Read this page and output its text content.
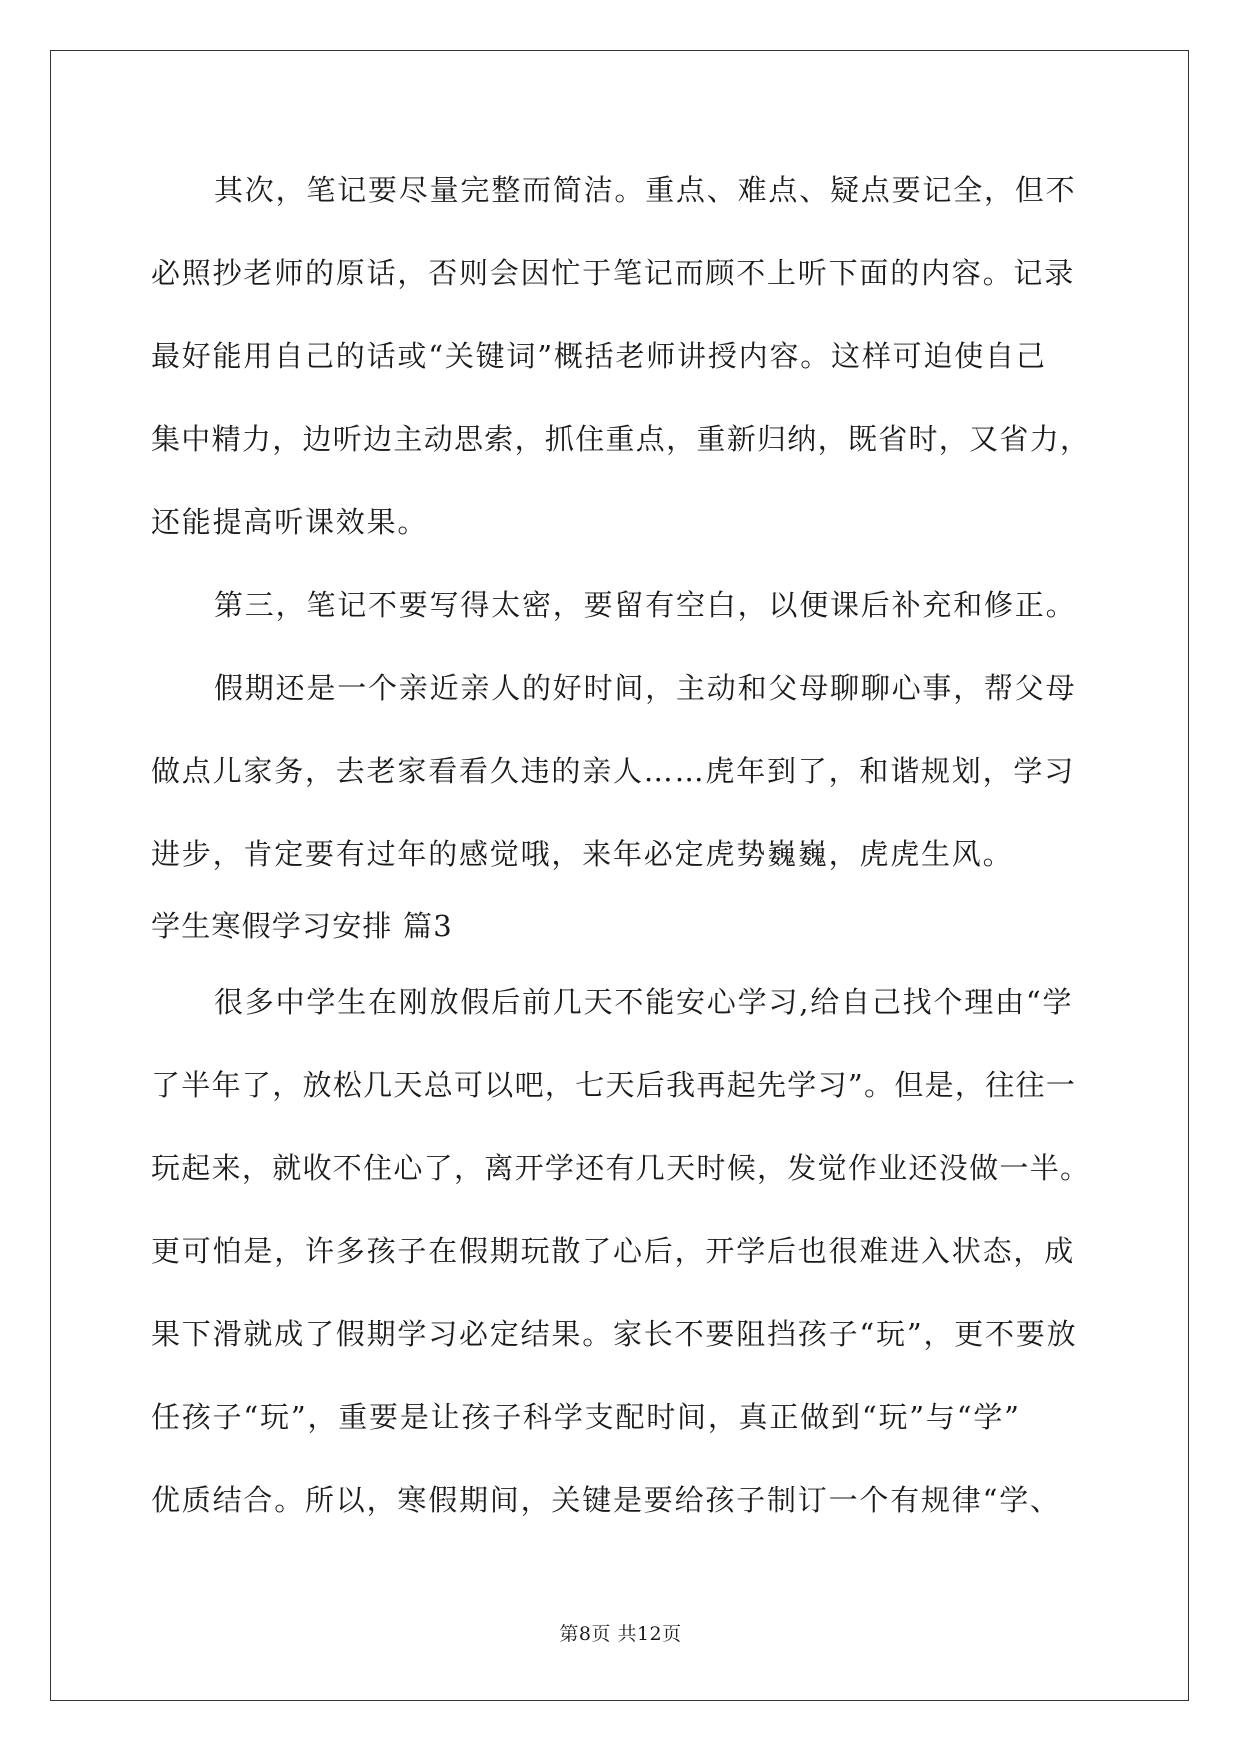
其次，笔记要尽量完整而简洁。重点、难点、疑点要记全，但不
必照抄老师的原话，否则会因忙于笔记而顾不上听下面的内容。记录
最好能用自己的话或“关键词”概括老师讲授内容。这样可迫使自己
集中精力，边听边主动思索，抓住重点，重新归纳，既省时，又省力，
还能提高听课效果。
第三，笔记不要写得太密，要留有空白，以便课后补充和修正。
假期还是一个亲近亲人的好时间，主动和父母聊聊心事，帮父母
做点儿家务，去老家看看久违的亲人……虎年到了，和谐规划，学习
进步，肯定要有过年的感觉哦，来年必定虎势巍巍，虎虎生风。
学生寒假学习安排 篇3
很多中学生在刚放假后前几天不能安心学习,给自己找个理由“学
了半年了，放松几天总可以吧，七天后我再起先学习”。但是，往往一
玩起来，就收不住心了，离开学还有几天时候，发觉作业还没做一半。
更可怕是，许多孩子在假期玩散了心后，开学后也很难进入状态，成
果下滑就成了假期学习必定结果。家长不要阻挡孩子“玩”，更不要放
任孩子“玩”，重要是让孩子科学支配时间，真正做到“玩”与“学”
优质结合。所以，寒假期间，关键是要给孩子制订一个有规律“学、
第8页 共12页
